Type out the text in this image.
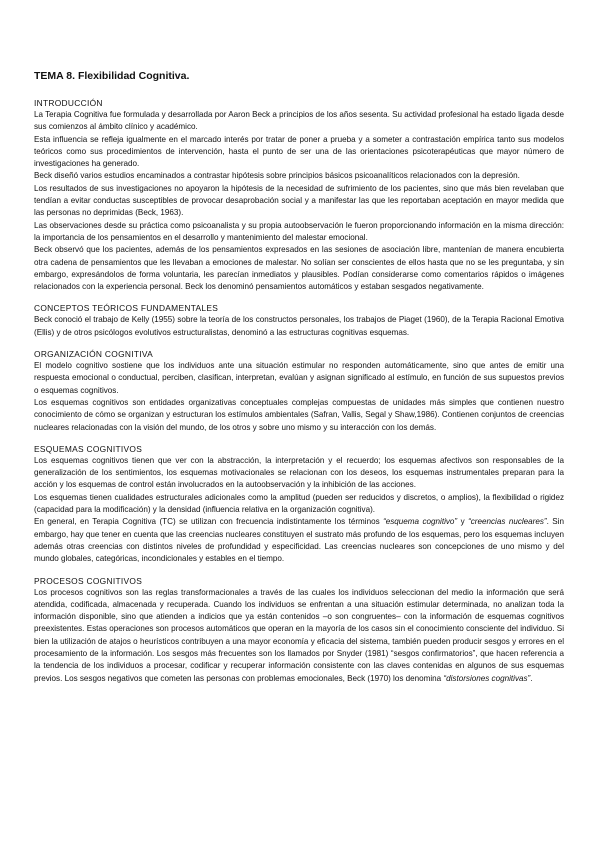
TEMA 8. Flexibilidad Cognitiva.
INTRODUCCIÓN

La Terapia Cognitiva fue formulada y desarrollada por Aaron Beck a principios de los años sesenta. Su actividad profesional ha estado ligada desde sus comienzos al ámbito clínico y académico.

Esta influencia se refleja igualmente en el marcado interés por tratar de poner a prueba y a someter a contrastación empírica tanto sus modelos teóricos como sus procedimientos de intervención, hasta el punto de ser una de las orientaciones psicoterapéuticas que mayor número de investigaciones ha generado.

Beck diseñó varios estudios encaminados a contrastar hipótesis sobre principios básicos psicoanalíticos relacionados con la depresión.

Los resultados de sus investigaciones no apoyaron la hipótesis de la necesidad de sufrimiento de los pacientes, sino que más bien revelaban que tendían a evitar conductas susceptibles de provocar desaprobación social y a manifestar las que les reportaban aceptación en mayor medida que las personas no deprimidas (Beck, 1963).

Las observaciones desde su práctica como psicoanalista y su propia autoobservación le fueron proporcionando información en la misma dirección: la importancia de los pensamientos en el desarrollo y mantenimiento del malestar emocional.

Beck observó que los pacientes, además de los pensamientos expresados en las sesiones de asociación libre, mantenían de manera encubierta otra cadena de pensamientos que les llevaban a emociones de malestar. No solían ser conscientes de ellos hasta que no se les preguntaba, y sin embargo, expresándolos de forma voluntaria, les parecían inmediatos y plausibles. Podían considerarse como comentarios rápidos o imágenes relacionados con la experiencia personal. Beck los denominó pensamientos automáticos y estaban sesgados negativamente.

CONCEPTOS TEÓRICOS FUNDAMENTALES

Beck conoció el trabajo de Kelly (1955) sobre la teoría de los constructos personales, los trabajos de Piaget (1960), de la Terapia Racional Emotiva (Ellis) y de otros psicólogos evolutivos estructuralistas, denominó a las estructuras cognitivas esquemas.

ORGANIZACIÓN COGNITIVA

El modelo cognitivo sostiene que los individuos ante una situación estimular no responden automáticamente, sino que antes de emitir una respuesta emocional o conductual, perciben, clasifican, interpretan, evalúan y asignan significado al estímulo, en función de sus supuestos previos o esquemas cognitivos.

Los esquemas cognitivos son entidades organizativas conceptuales complejas compuestas de unidades más simples que contienen nuestro conocimiento de cómo se organizan y estructuran los estímulos ambientales (Safran, Vallis, Segal y Shaw,1986). Contienen conjuntos de creencias nucleares relacionadas con la visión del mundo, de los otros y sobre uno mismo y su interacción con los demás.

ESQUEMAS COGNITIVOS

Los esquemas cognitivos tienen que ver con la abstracción, la interpretación y el recuerdo; los esquemas afectivos son responsables de la generalización de los sentimientos, los esquemas motivacionales se relacionan con los deseos, los esquemas instrumentales preparan para la acción y los esquemas de control están involucrados en la autoobservación y la inhibición de las acciones.

Los esquemas tienen cualidades estructurales adicionales como la amplitud (pueden ser reducidos y discretos, o amplios), la flexibilidad o rigidez (capacidad para la modificación) y la densidad (influencia relativa en la organización cognitiva).

En general, en Terapia Cognitiva (TC) se utilizan con frecuencia indistintamente los términos “esquema cognitivo” y “creencias nucleares”. Sin embargo, hay que tener en cuenta que las creencias nucleares constituyen el sustrato más profundo de los esquemas, pero los esquemas incluyen además otras creencias con distintos niveles de profundidad y especificidad. Las creencias nucleares son concepciones de uno mismo y del mundo globales, categóricas, incondicionales y estables en el tiempo.

PROCESOS COGNITIVOS

Los procesos cognitivos son las reglas transformacionales a través de las cuales los individuos seleccionan del medio la información que será atendida, codificada, almacenada y recuperada. Cuando los individuos se enfrentan a una situación estimular determinada, no analizan toda la información disponible, sino que atienden a indicios que ya están contenidos –o son congruentes– con la información de esquemas cognitivos preexistentes. Estas operaciones son procesos automáticos que operan en la mayoría de los casos sin el conocimiento consciente del individuo. Si bien la utilización de atajos o heurísticos contribuyen a una mayor economía y eficacia del sistema, también pueden producir sesgos y errores en el procesamiento de la información. Los sesgos más frecuentes son los llamados por Snyder (1981) “sesgos confirmatorios”, que hacen referencia a la tendencia de los individuos a procesar, codificar y recuperar información consistente con las claves contenidas en algunos de sus esquemas previos. Los sesgos negativos que cometen las personas con problemas emocionales, Beck (1970) los denomina “distorsiones cognitivas”.
